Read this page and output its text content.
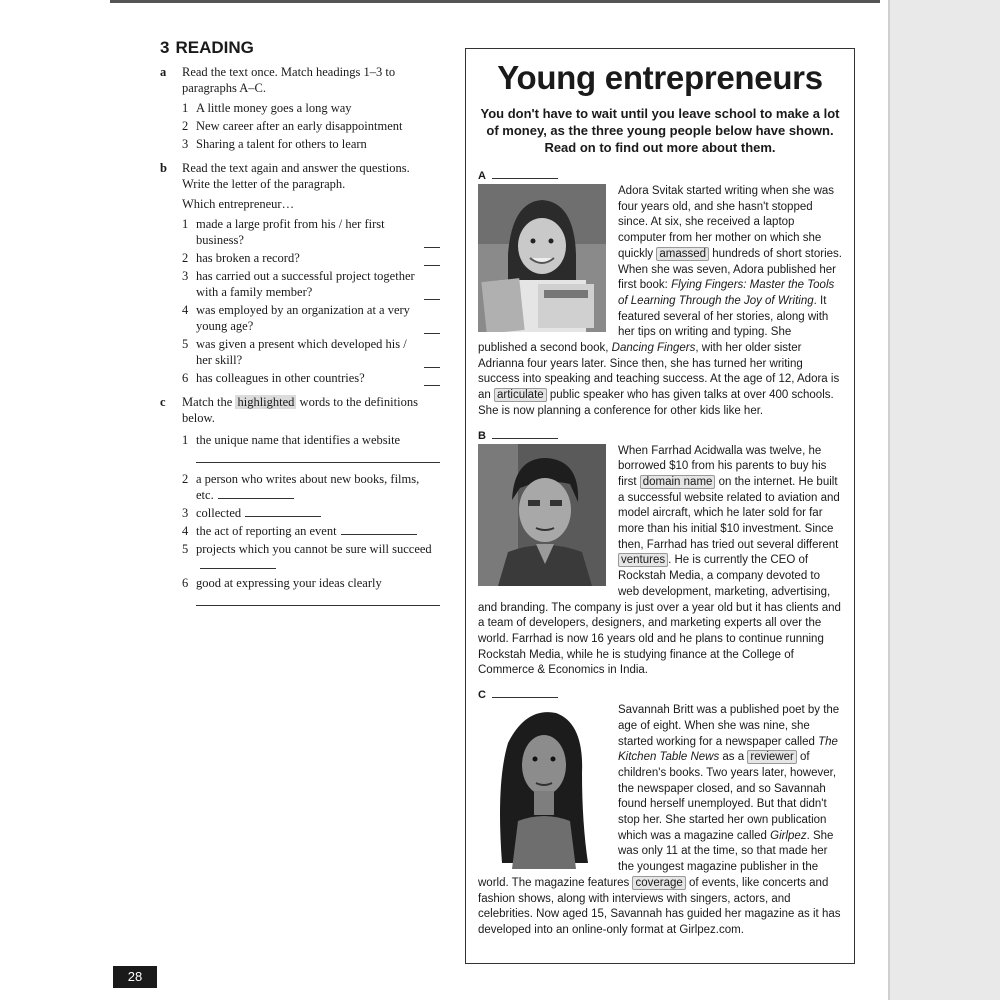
3 READING
a	Read the text once. Match headings 1–3 to paragraphs A–C.
1 A little money goes a long way
2 New career after an early disappointment
3 Sharing a talent for others to learn
b	Read the text again and answer the questions. Write the letter of the paragraph.
Which entrepreneur…
1 made a large profit from his / her first business?
2 has broken a record?
3 has carried out a successful project together with a family member?
4 was employed by an organization at a very young age?
5 was given a present which developed his / her skill?
6 has colleagues in other countries?
c	Match the highlighted words to the definitions below.
1 the unique name that identifies a website
2 a person who writes about new books, films, etc.
3 collected
4 the act of reporting an event
5 projects which you cannot be sure will succeed
6 good at expressing your ideas clearly
28
Young entrepreneurs
You don't have to wait until you leave school to make a lot of money, as the three young people below have shown. Read on to find out more about them.
A
Adora Svitak started writing when she was four years old, and she hasn't stopped since. At six, she received a laptop computer from her mother on which she quickly amassed hundreds of short stories. When she was seven, Adora published her first book: Flying Fingers: Master the Tools of Learning Through the Joy of Writing. It featured several of her stories, along with her tips on writing and typing. She published a second book, Dancing Fingers, with her older sister Adrianna four years later. Since then, she has turned her writing success into speaking and teaching success. At the age of 12, Adora is an articulate public speaker who has given talks at over 400 schools. She is now planning a conference for other kids like her.
B
When Farrhad Acidwalla was twelve, he borrowed $10 from his parents to buy his first domain name on the internet. He built a successful website related to aviation and model aircraft, which he later sold for far more than his initial $10 investment. Since then, Farrhad has tried out several different ventures . He is currently the CEO of Rockstah Media, a company devoted to web development, marketing, advertising, and branding. The company is just over a year old but it has clients and a team of developers, designers, and marketing experts all over the world. Farrhad is now 16 years old and he plans to continue running Rockstah Media, while he is studying finance at the College of Commerce & Economics in India.
C
Savannah Britt was a published poet by the age of eight. When she was nine, she started working for a newspaper called The Kitchen Table News as a reviewer of children's books. Two years later, however, the newspaper closed, and so Savannah found herself unemployed. But that didn't stop her. She started her own publication which was a magazine called Girlpez. She was only 11 at the time, so that made her the youngest magazine publisher in the world. The magazine features coverage of events, like concerts and fashion shows, along with interviews with singers, actors, and celebrities. Now aged 15, Savannah has guided her magazine as it has developed into an online-only format at Girlpez.com.
